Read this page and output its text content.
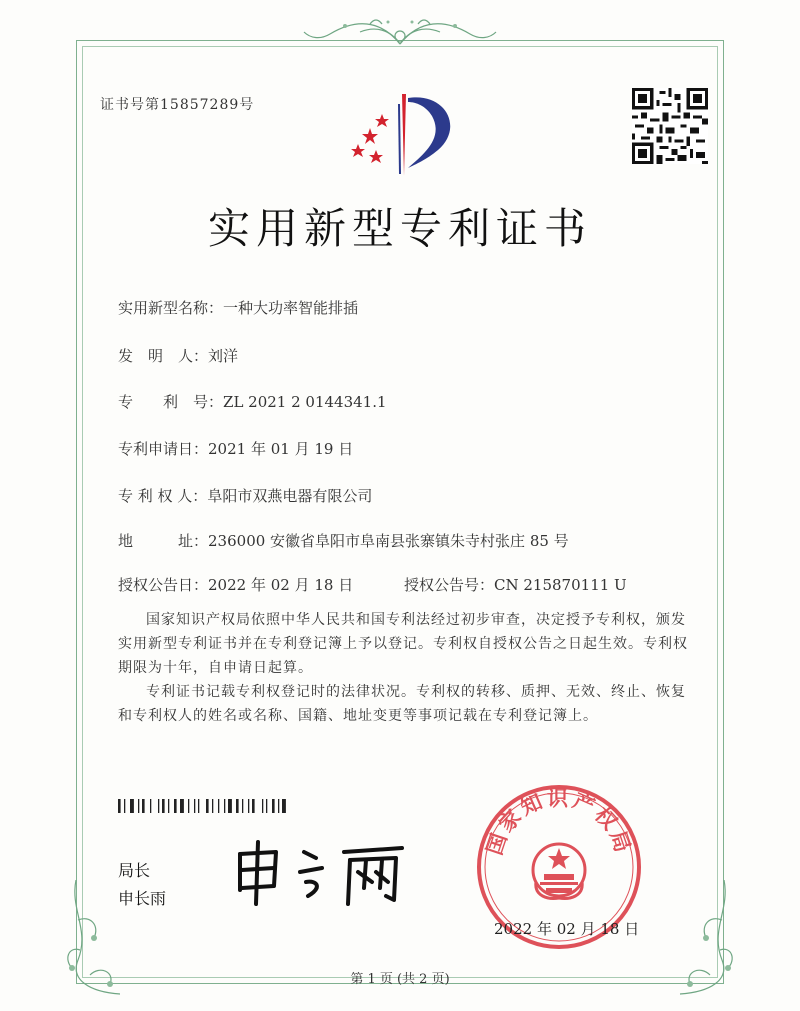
证书号第15857289号
实用新型专利证书
实用新型名称：一种大功率智能排插
发　明　人：刘洋
专　　利　号：ZL 2021 2 0144341.1
专利申请日：2021 年 01 月 19 日
专 利 权 人：阜阳市双燕电器有限公司
地　　　址：236000 安徽省阜阳市阜南县张寨镇朱寺村张庄 85 号
授权公告日：2022 年 02 月 18 日	授权公告号：CN 215870111 U
国家知识产权局依照中华人民共和国专利法经过初步审查，决定授予专利权，颁发实用新型专利证书并在专利登记簿上予以登记。专利权自授权公告之日起生效。专利权期限为十年，自申请日起算。
专利证书记载专利权登记时的法律状况。专利权的转移、质押、无效、终止、恢复和专利权人的姓名或名称、国籍、地址变更等事项记载在专利登记簿上。
局长
申长雨
国家知识产权局
2022 年 02 月 18 日
第 1 页 (共 2 页)
